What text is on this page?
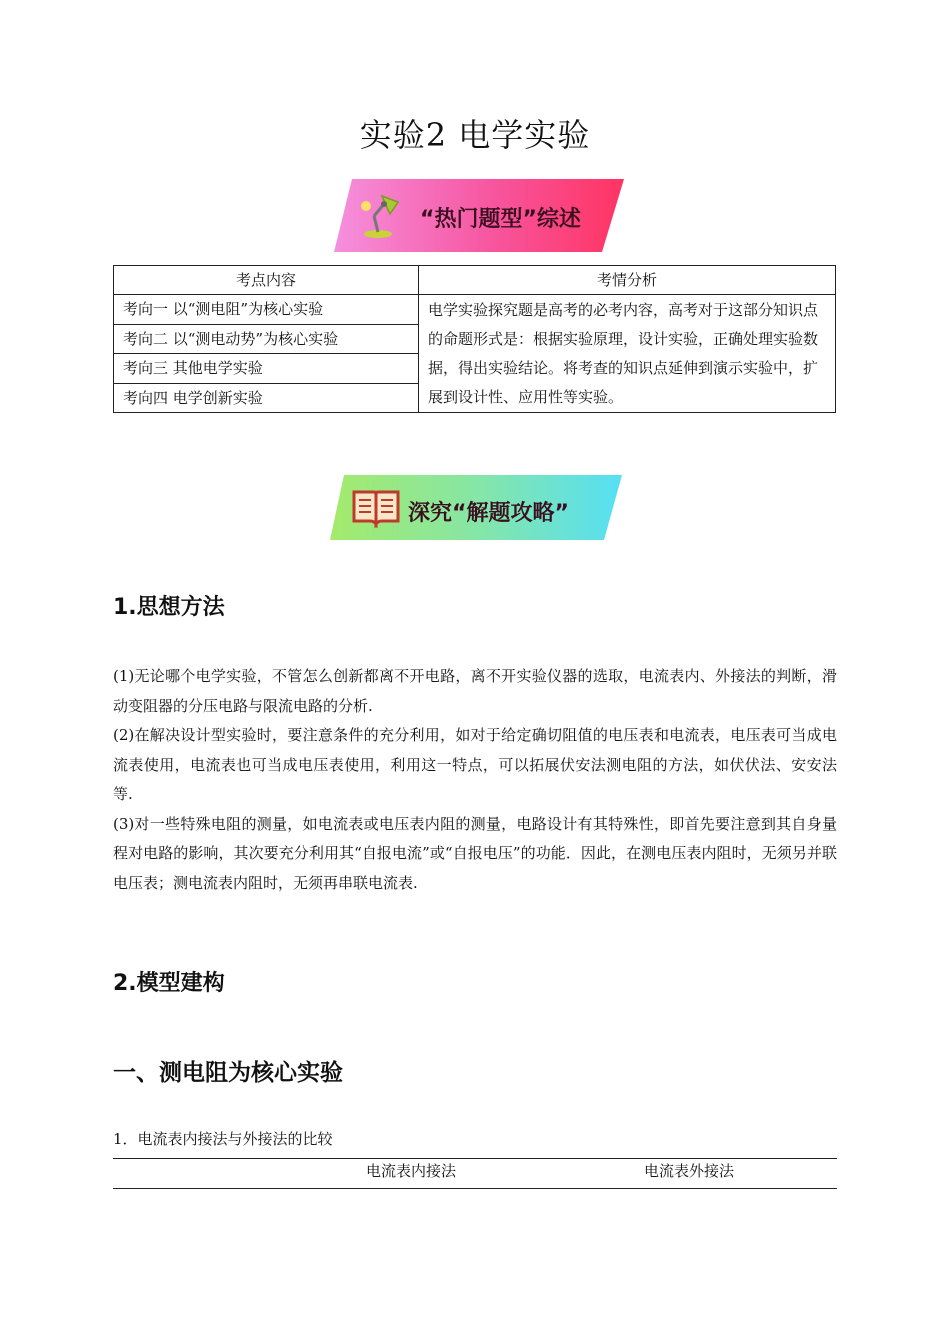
实验2 电学实验
“热门题型”综述
考点内容	考情分析
考向一 以“测电阻”为核心实验	电学实验探究题是高考的必考内容，高考对于这部分知识点的命题形式是：根据实验原理，设计实验，正确处理实验数据，得出实验结论。将考查的知识点延伸到演示实验中，扩展到设计性、应用性等实验。
考向二 以“测电动势”为核心实验	
考向三 其他电学实验	
考向四 电学创新实验	
深究“解题攻略”
1.思想方法

(1)无论哪个电学实验，不管怎么创新都离不开电路，离不开实验仪器的选取，电流表内、外接法的判断，滑动变阻器的分压电路与限流电路的分析.

(2)在解决设计型实验时，要注意条件的充分利用，如对于给定确切阻值的电压表和电流表，电压表可当成电流表使用，电流表也可当成电压表使用，利用这一特点，可以拓展伏安法测电阻的方法，如伏伏法、安安法等.

(3)对一些特殊电阻的测量，如电流表或电压表内阻的测量，电路设计有其特殊性，即首先要注意到其自身量程对电路的影响，其次要充分利用其“自报电流”或“自报电压”的功能．因此，在测电压表内阻时，无须另并联电压表；测电流表内阻时，无须再串联电流表.

2.模型建构
一、测电阻为核心实验
1．电流表内接法与外接法的比较
电流表内接法	电流表外接法
